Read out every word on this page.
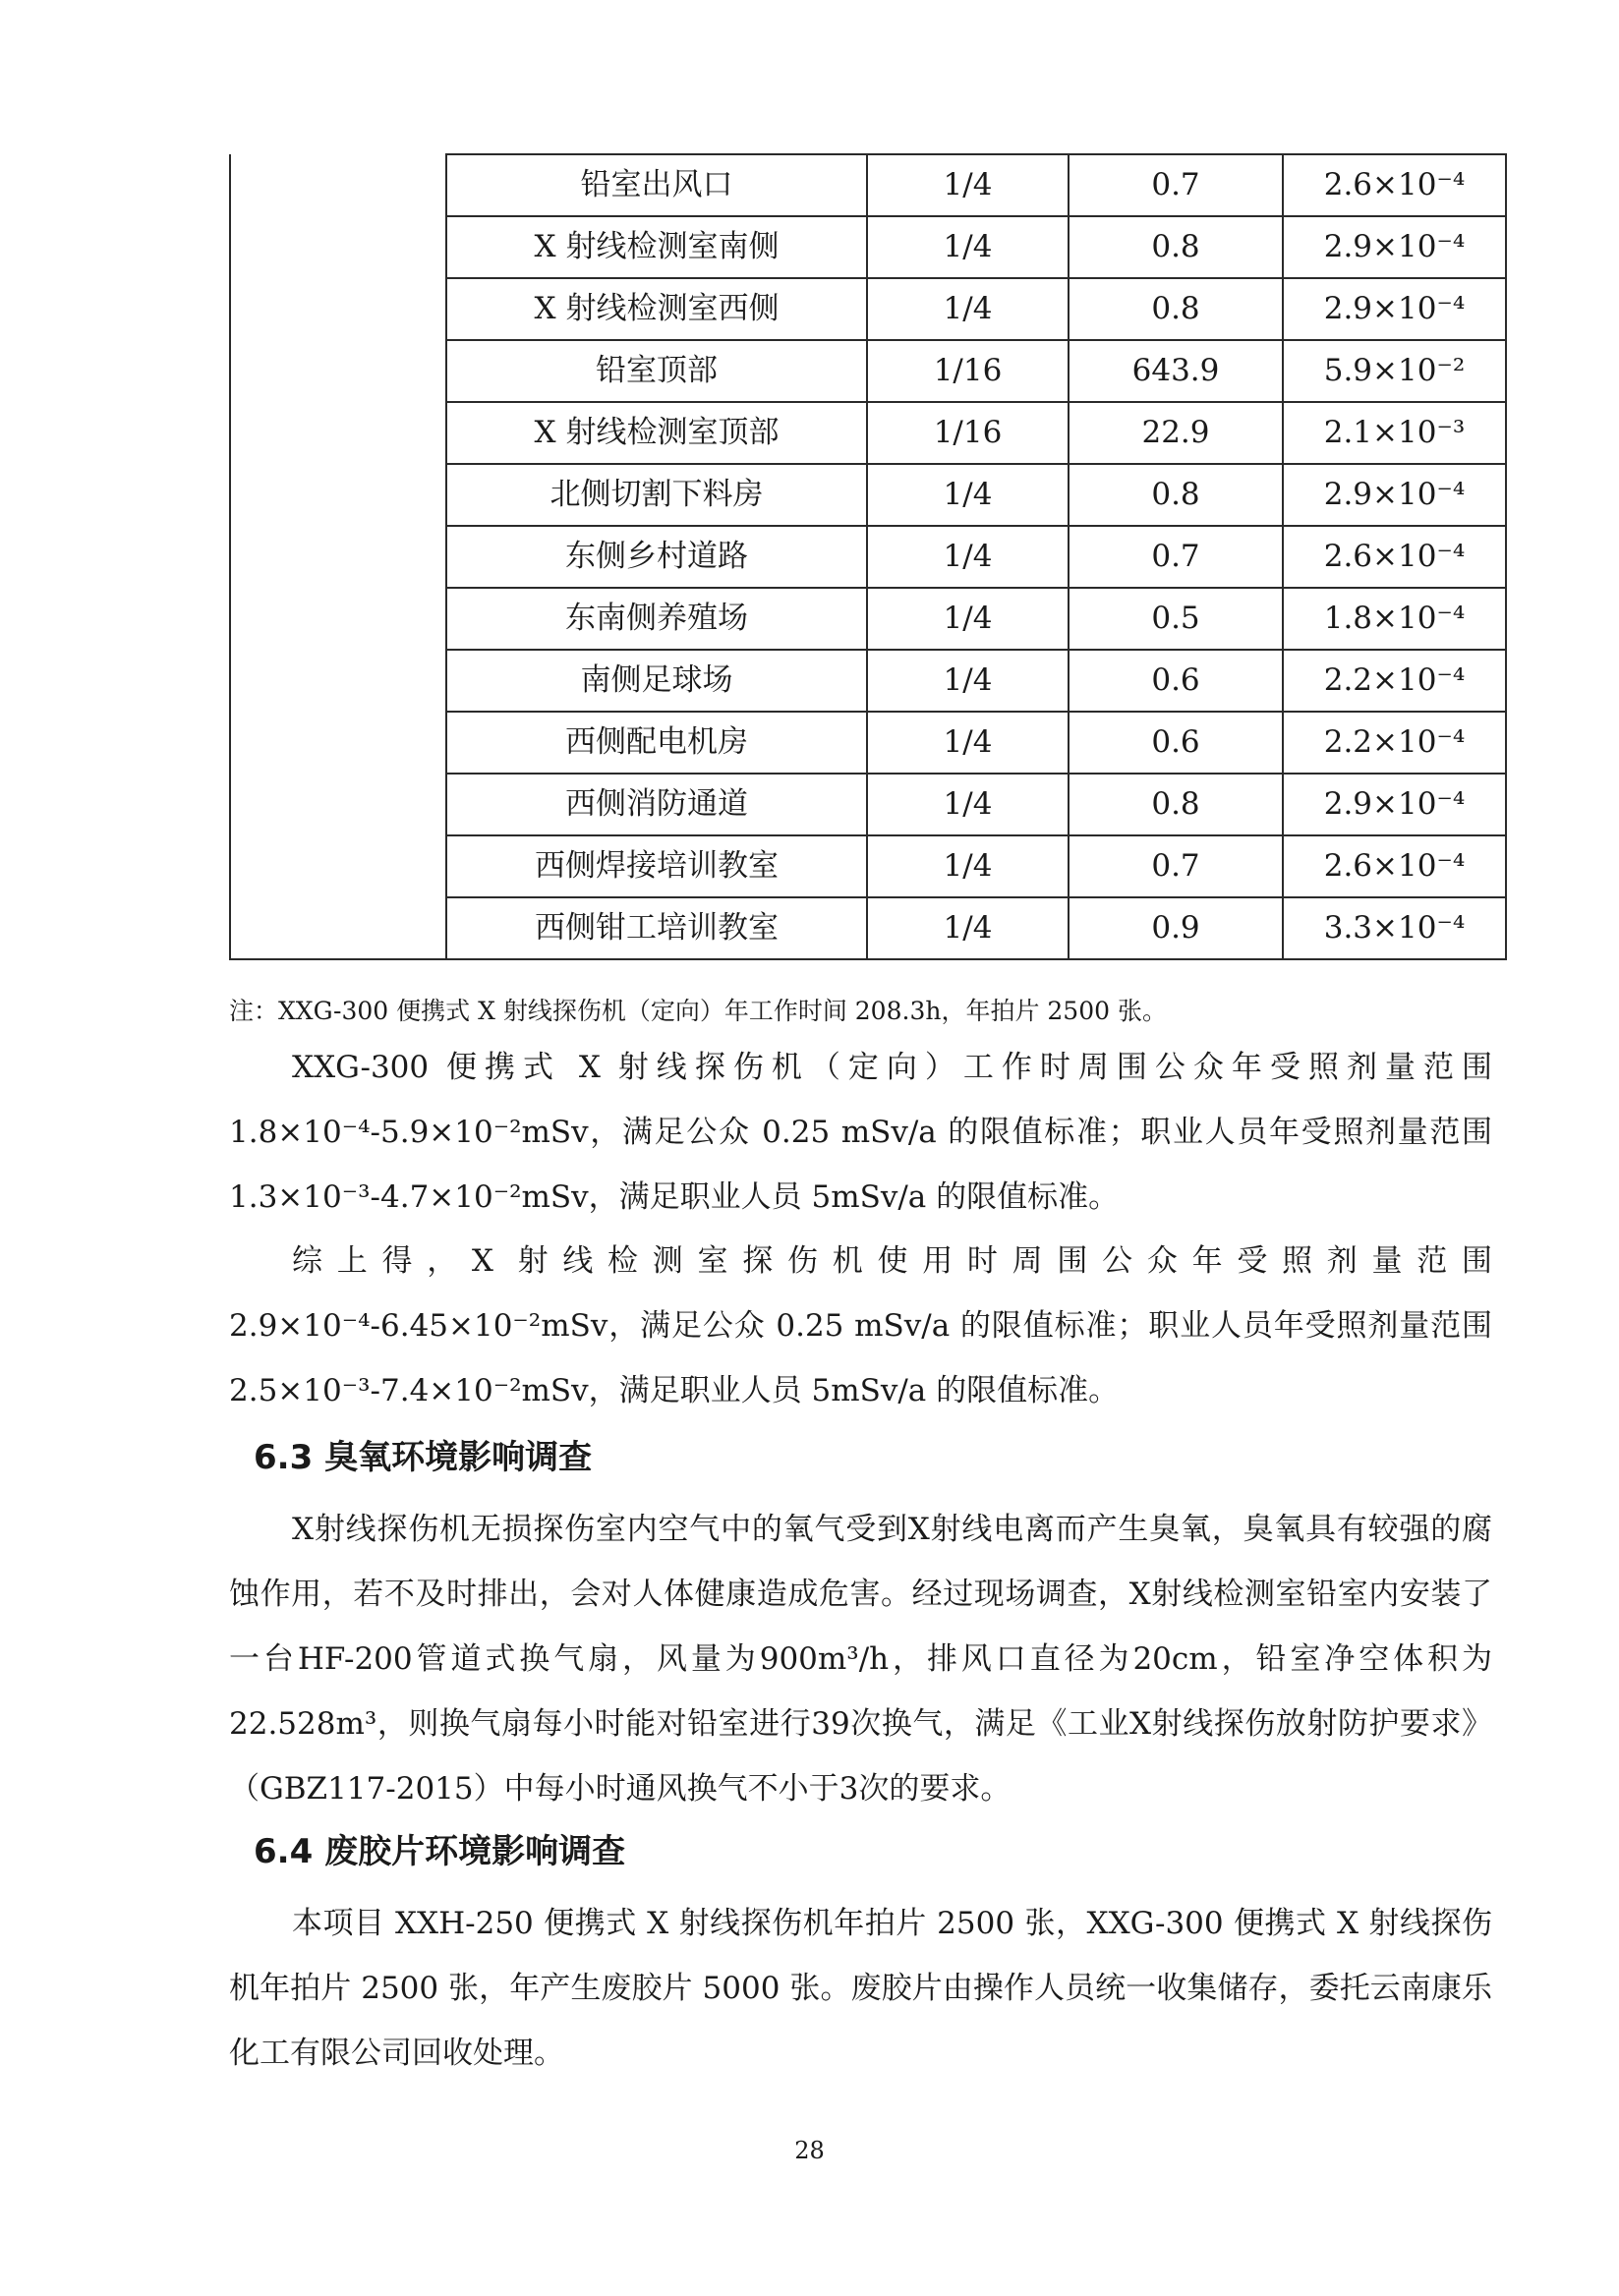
	铅室出风口	1/4	0.7	2.6×10⁻⁴
	X 射线检测室南侧	1/4	0.8	2.9×10⁻⁴
	X 射线检测室西侧	1/4	0.8	2.9×10⁻⁴
	铅室顶部	1/16	643.9	5.9×10⁻²
	X 射线检测室顶部	1/16	22.9	2.1×10⁻³
	北侧切割下料房	1/4	0.8	2.9×10⁻⁴
	东侧乡村道路	1/4	0.7	2.6×10⁻⁴
	东南侧养殖场	1/4	0.5	1.8×10⁻⁴
	南侧足球场	1/4	0.6	2.2×10⁻⁴
	西侧配电机房	1/4	0.6	2.2×10⁻⁴
	西侧消防通道	1/4	0.8	2.9×10⁻⁴
	西侧焊接培训教室	1/4	0.7	2.6×10⁻⁴
	西侧钳工培训教室	1/4	0.9	3.3×10⁻⁴
注：XXG-300 便携式 X 射线探伤机（定向）年工作时间 208.3h，年拍片 2500 张。

XXG-300 便携式 X 射线探伤机（定向）工作时周围公众年受照剂量范围 1.8×10⁻⁴-5.9×10⁻²mSv，满足公众 0.25 mSv/a 的限值标准；职业人员年受照剂量范围 1.3×10⁻³-4.7×10⁻²mSv，满足职业人员 5mSv/a 的限值标准。

综上得，X 射线检测室探伤机使用时周围公众年受照剂量范围 2.9×10⁻⁴-6.45×10⁻²mSv，满足公众 0.25 mSv/a 的限值标准；职业人员年受照剂量范围 2.5×10⁻³-7.4×10⁻²mSv，满足职业人员 5mSv/a 的限值标准。

6.3 臭氧环境影响调查

X射线探伤机无损探伤室内空气中的氧气受到X射线电离而产生臭氧，臭氧具有较强的腐蚀作用，若不及时排出，会对人体健康造成危害。经过现场调查，X射线检测室铅室内安装了一台HF-200管道式换气扇，风量为900m³/h，排风口直径为20cm，铅室净空体积为22.528m³，则换气扇每小时能对铅室进行39次换气，满足《工业X射线探伤放射防护要求》（GBZ117-2015）中每小时通风换气不小于3次的要求。

6.4 废胶片环境影响调查

本项目 XXH-250 便携式 X 射线探伤机年拍片 2500 张，XXG-300 便携式 X 射线探伤机年拍片 2500 张，年产生废胶片 5000 张。废胶片由操作人员统一收集储存，委托云南康乐化工有限公司回收处理。

28
